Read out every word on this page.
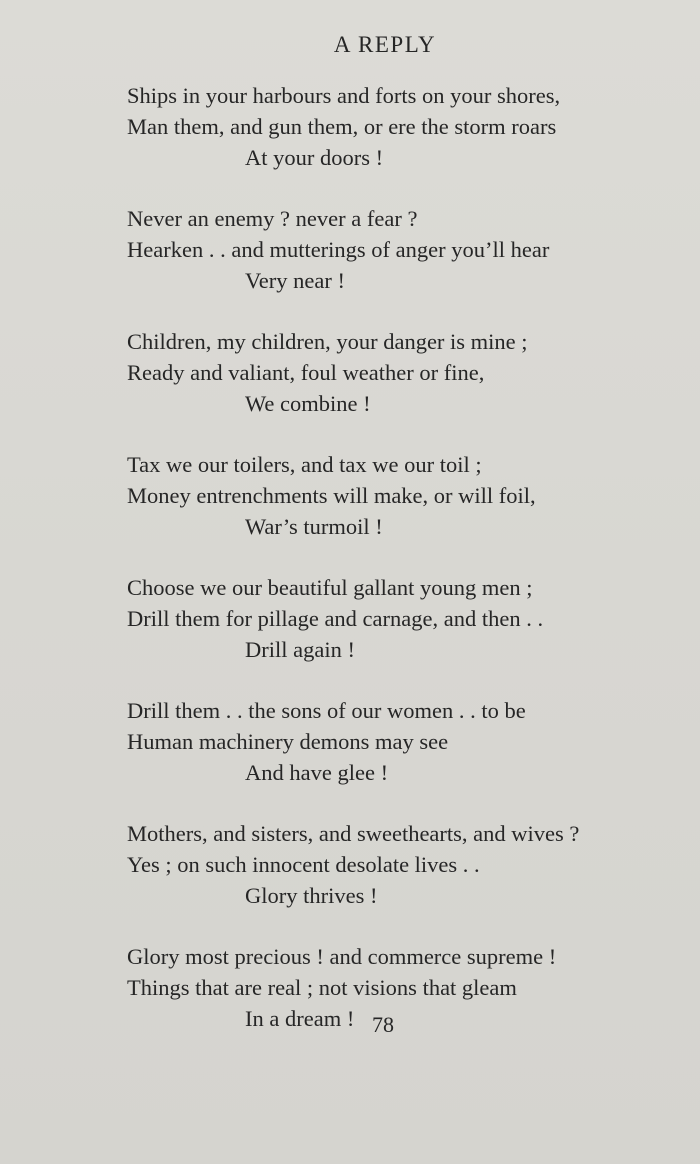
A REPLY
Ships in your harbours and forts on your shores,
Man them, and gun them, or ere the storm roars
At your doors !
Never an enemy ? never a fear ?
Hearken . . and mutterings of anger you’ll hear
Very near !
Children, my children, your danger is mine ;
Ready and valiant, foul weather or fine,
We combine !
Tax we our toilers, and tax we our toil ;
Money entrenchments will make, or will foil,
War’s turmoil !
Choose we our beautiful gallant young men ;
Drill them for pillage and carnage, and then . .
Drill again !
Drill them . . the sons of our women . . to be
Human machinery demons may see
And have glee !
Mothers, and sisters, and sweethearts, and wives ?
Yes ; on such innocent desolate lives . .
Glory thrives !
Glory most precious ! and commerce supreme !
Things that are real ; not visions that gleam
In a dream ! 78
